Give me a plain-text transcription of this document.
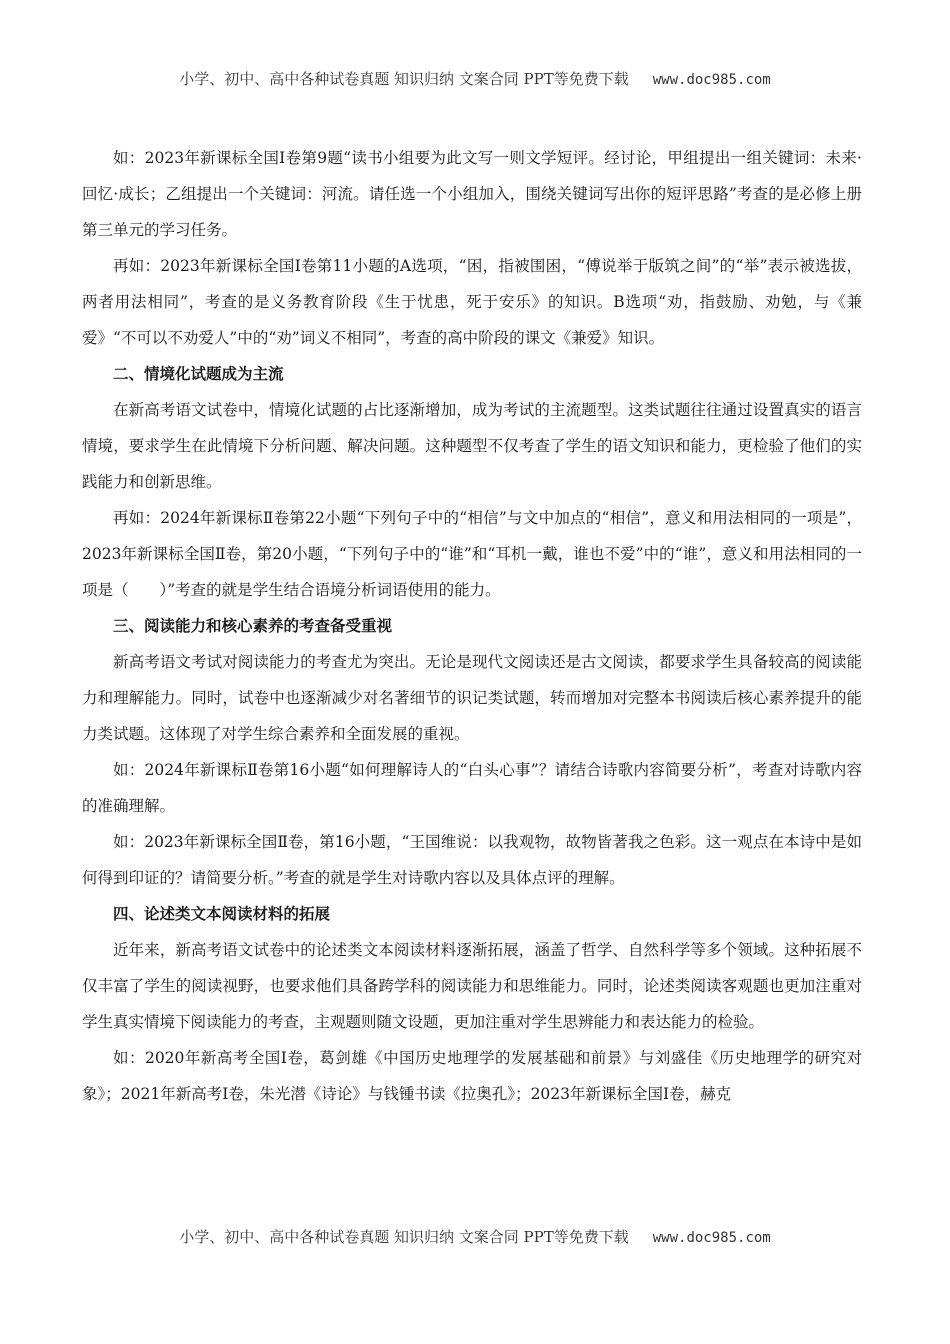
小学、初中、高中各种试卷真题 知识归纳 文案合同 PPT等免费下载 www.doc985.com

如：2023年新课标全国Ⅰ卷第9题“读书小组要为此文写一则文学短评。经讨论，甲组提出一组关键词：未来·回忆·成长；乙组提出一个关键词：河流。请任选一个小组加入，围绕关键词写出你的短评思路”考查的是必修上册第三单元的学习任务。

再如：2023年新课标全国Ⅰ卷第11小题的A选项，“困，指被围困，“傅说举于版筑之间”的“举”表示被选拔，两者用法相同”，考查的是义务教育阶段《生于忧患，死于安乐》的知识。B选项“劝，指鼓励、劝勉，与《兼爱》“不可以不劝爱人”中的“劝”词义不相同”，考查的高中阶段的课文《兼爱》知识。

二、情境化试题成为主流

在新高考语文试卷中，情境化试题的占比逐渐增加，成为考试的主流题型。这类试题往往通过设置真实的语言情境，要求学生在此情境下分析问题、解决问题。这种题型不仅考查了学生的语文知识和能力，更检验了他们的实践能力和创新思维。

再如：2024年新课标Ⅱ卷第22小题“下列句子中的“相信”与文中加点的“相信”，意义和用法相同的一项是”，2023年新课标全国Ⅱ卷，第20小题，“下列句子中的“谁”和“耳机一戴，谁也不爱”中的“谁”，意义和用法相同的一项是（　　）”考查的就是学生结合语境分析词语使用的能力。

三、阅读能力和核心素养的考查备受重视

新高考语文考试对阅读能力的考查尤为突出。无论是现代文阅读还是古文阅读，都要求学生具备较高的阅读能力和理解能力。同时，试卷中也逐渐减少对名著细节的识记类试题，转而增加对完整本书阅读后核心素养提升的能力类试题。这体现了对学生综合素养和全面发展的重视。

如：2024年新课标Ⅱ卷第16小题“如何理解诗人的“白头心事”？请结合诗歌内容简要分析”，考查对诗歌内容的准确理解。

如：2023年新课标全国Ⅱ卷，第16小题，“王国维说：以我观物，故物皆著我之色彩。这一观点在本诗中是如何得到印证的？请简要分析。”考查的就是学生对诗歌内容以及具体点评的理解。

四、论述类文本阅读材料的拓展

近年来，新高考语文试卷中的论述类文本阅读材料逐渐拓展，涵盖了哲学、自然科学等多个领域。这种拓展不仅丰富了学生的阅读视野，也要求他们具备跨学科的阅读能力和思维能力。同时，论述类阅读客观题也更加注重对学生真实情境下阅读能力的考查，主观题则随文设题，更加注重对学生思辨能力和表达能力的检验。

如：2020年新高考全国Ⅰ卷，葛剑雄《中国历史地理学的发展基础和前景》与刘盛佳《历史地理学的研究对象》；2021年新高考Ⅰ卷，朱光潜《诗论》与钱锺书读《拉奥孔》；2023年新课标全国Ⅰ卷，赫克

小学、初中、高中各种试卷真题 知识归纳 文案合同 PPT等免费下载 www.doc985.com
